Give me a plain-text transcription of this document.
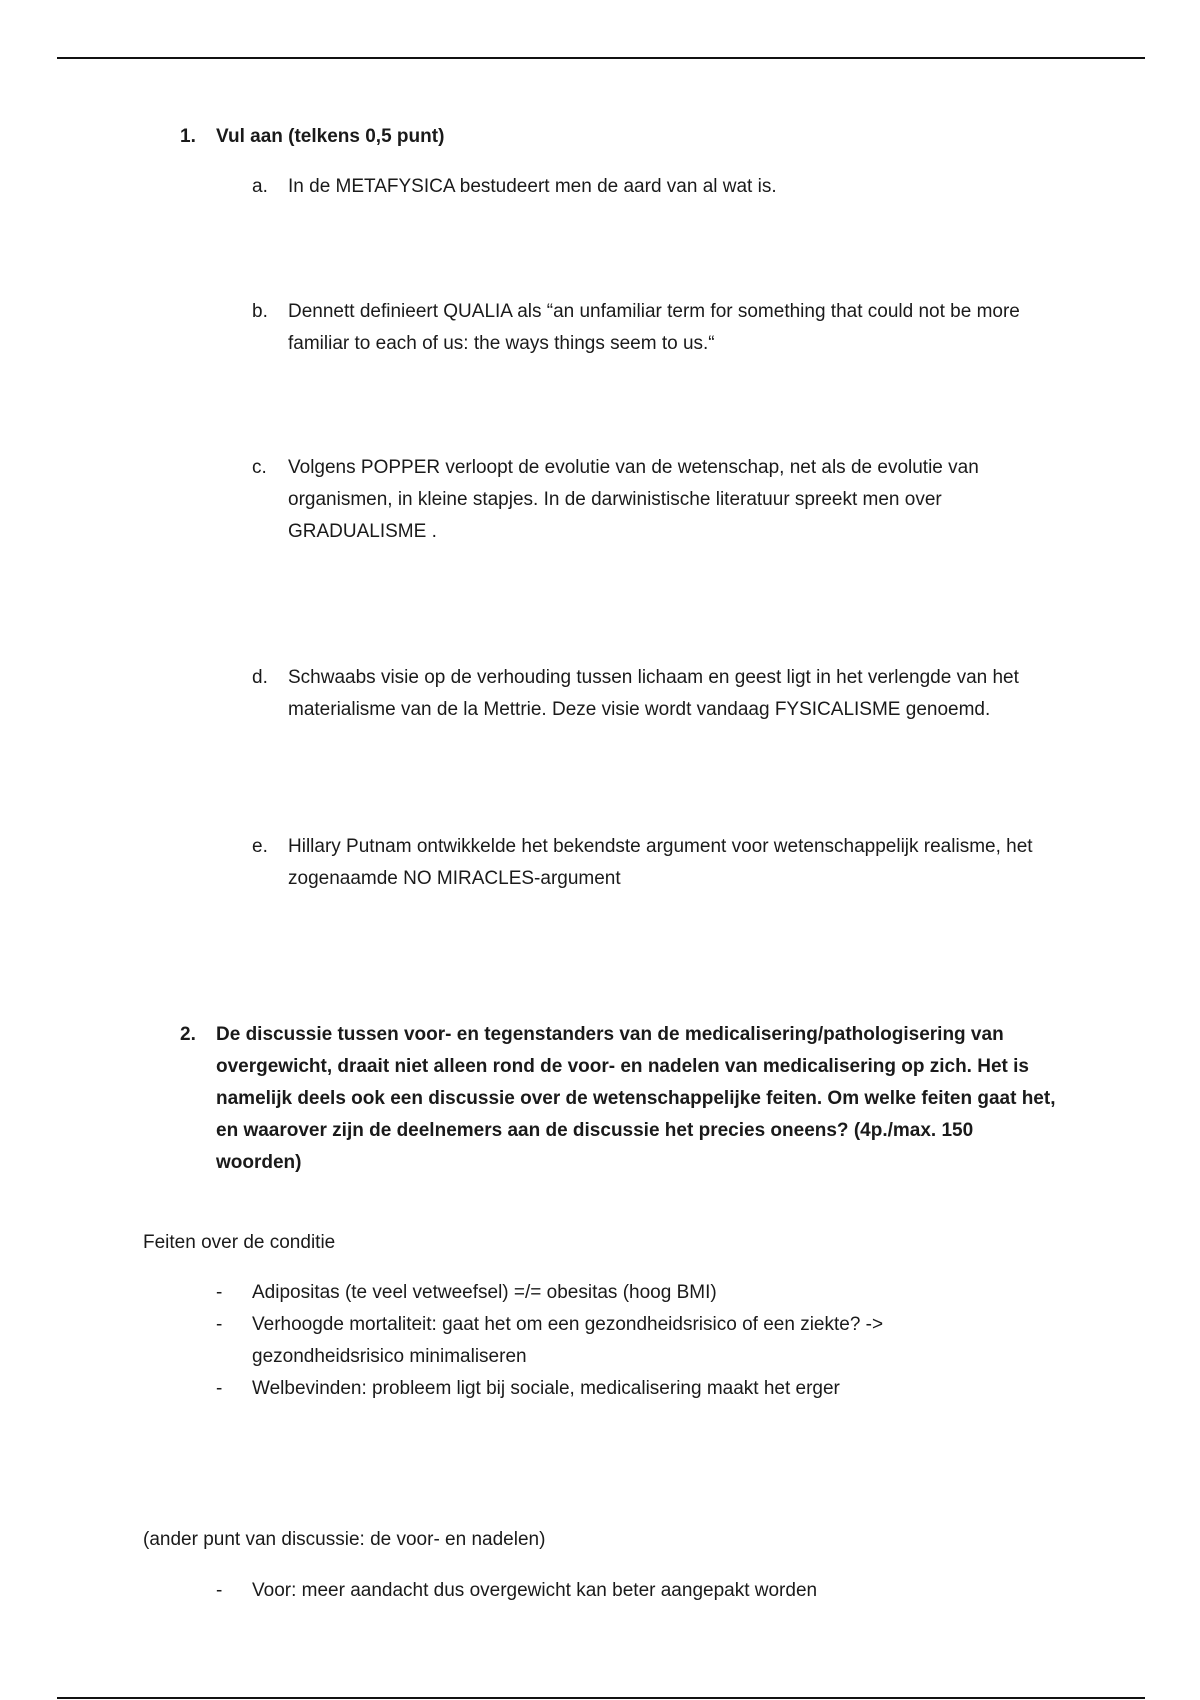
1. Vul aan (telkens 0,5 punt)
a. In de METAFYSICA bestudeert men de aard van al wat is.
b. Dennett definieert QUALIA als “an unfamiliar term for something that could not be more familiar to each of us: the ways things seem to us.“
c. Volgens POPPER verloopt de evolutie van de wetenschap, net als de evolutie van organismen, in kleine stapjes. In de darwinistische literatuur spreekt men over GRADUALISME .
d. Schwaabs visie op de verhouding tussen lichaam en geest ligt in het verlengde van het materialisme van de la Mettrie. Deze visie wordt vandaag FYSICALISME genoemd.
e. Hillary Putnam ontwikkelde het bekendste argument voor wetenschappelijk realisme, het zogenaamde NO MIRACLES-argument
2. De discussie tussen voor- en tegenstanders van de medicalisering/pathologisering van overgewicht, draait niet alleen rond de voor- en nadelen van medicalisering op zich. Het is namelijk deels ook een discussie over de wetenschappelijke feiten. Om welke feiten gaat het, en waarover zijn de deelnemers aan de discussie het precies oneens? (4p./max. 150 woorden)
Feiten over de conditie
- Adipositas (te veel vetweefsel) =/= obesitas (hoog BMI)
- Verhoogde mortaliteit: gaat het om een gezondheidsrisico of een ziekte? -> gezondheidsrisico minimaliseren
- Welbevinden: probleem ligt bij sociale, medicalisering maakt het erger
(ander punt van discussie: de voor- en nadelen)
- Voor: meer aandacht dus overgewicht kan beter aangepakt worden
